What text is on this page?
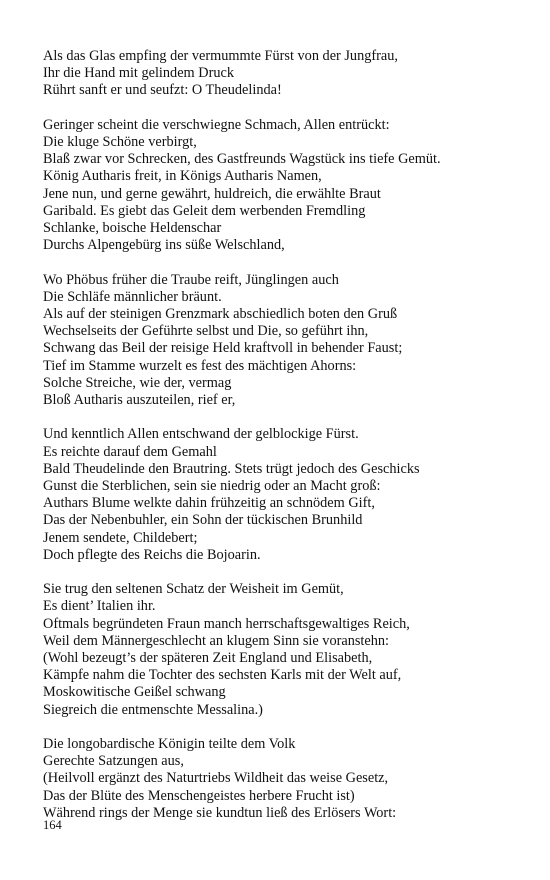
Als das Glas empfing der vermummte Fürst von der Jungfrau,
Ihr die Hand mit gelindem Druck
Rührt sanft er und seufzt: O Theudelinda!
Geringer scheint die verschwiegne Schmach, Allen entrückt:
Die kluge Schöne verbirgt,
Blaß zwar vor Schrecken, des Gastfreunds Wagstück ins tiefe Gemüt.
König Autharis freit, in Königs Autharis Namen,
Jene nun, und gerne gewährt, huldreich, die erwählte Braut
Garibald. Es giebt das Geleit dem werbenden Fremdling
Schlanke, boische Heldenschar
Durchs Alpengebürg ins süße Welschland,
Wo Phöbus früher die Traube reift, Jünglingen auch
Die Schläfe männlicher bräunt.
Als auf der steinigen Grenzmark abschiedlich boten den Gruß
Wechselseits der Geführte selbst und Die, so geführt ihn,
Schwang das Beil der reisige Held kraftvoll in behender Faust;
Tief im Stamme wurzelt es fest des mächtigen Ahorns:
Solche Streiche, wie der, vermag
Bloß Autharis auszuteilen, rief er,
Und kenntlich Allen entschwand der gelblockige Fürst.
Es reichte darauf dem Gemahl
Bald Theudelinde den Brautring. Stets trügt jedoch des Geschicks
Gunst die Sterblichen, sein sie niedrig oder an Macht groß:
Authars Blume welkte dahin frühzeitig an schnödem Gift,
Das der Nebenbuhler, ein Sohn der tückischen Brunhild
Jenem sendete, Childebert;
Doch pflegte des Reichs die Bojoarin.
Sie trug den seltenen Schatz der Weisheit im Gemüt,
Es dient’ Italien ihr.
Oftmals begründeten Fraun manch herrschaftsgewaltiges Reich,
Weil dem Männergeschlecht an klugem Sinn sie voranstehn:
(Wohl bezeugt’s der späteren Zeit England und Elisabeth,
Kämpfe nahm die Tochter des sechsten Karls mit der Welt auf,
Moskowitische Geißel schwang
Siegreich die entmenschte Messalina.)
Die longobardische Königin teilte dem Volk
Gerechte Satzungen aus,
(Heilvoll ergänzt des Naturtriebs Wildheit das weise Gesetz,
Das der Blüte des Menschengeistes herbere Frucht ist)
Während rings der Menge sie kundtun ließ des Erlösers Wort:
164
